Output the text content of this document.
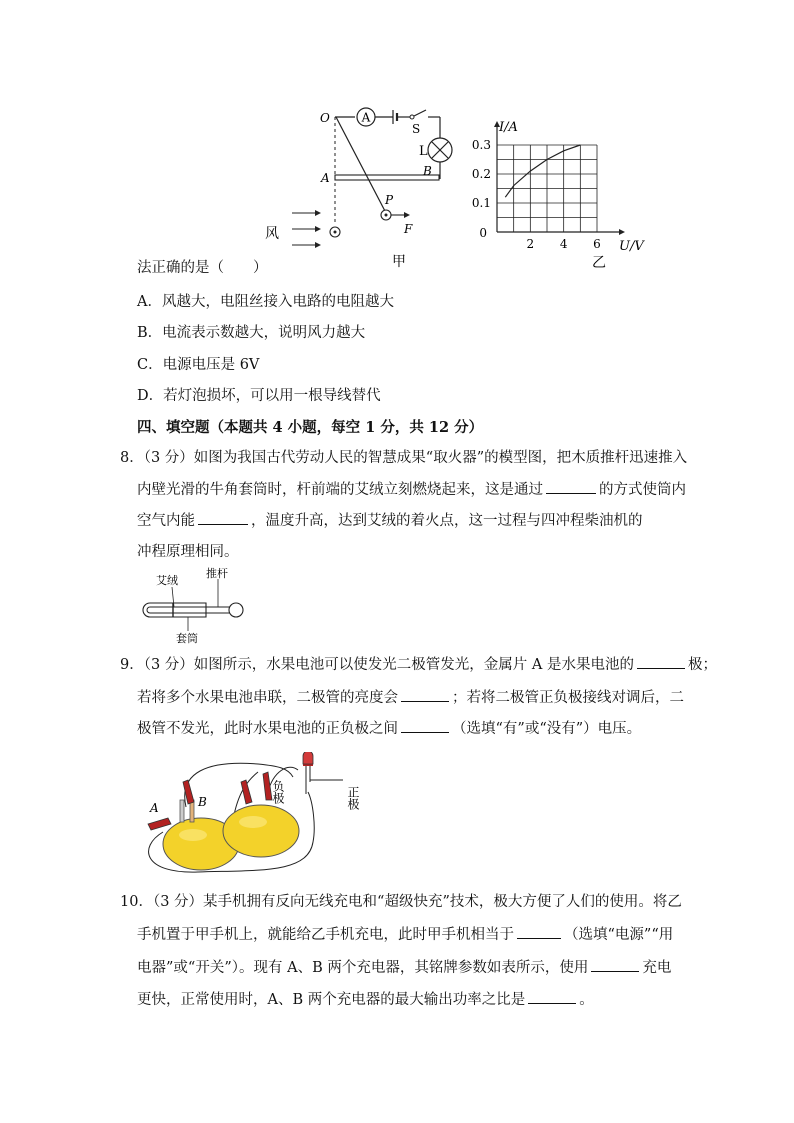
A
O
S
L
A	B
P
F
风
甲
2 4 6
0.1
0.2
0.3
0
I/A
U/V
乙
法正确的是（　　）
A．风越大，电阻丝接入电路的电阻越大
B．电流表示数越大，说明风力越大
C．电源电压是 6V
D．若灯泡损坏，可以用一根导线替代
四、填空题（本题共 4 小题，每空 1 分，共 12 分）
8．（3 分）如图为我国古代劳动人民的智慧成果“取火器”的模型图，把木质推杆迅速推入
内壁光滑的牛角套筒时，杆前端的艾绒立刻燃烧起来，这是通过	的方式使筒内
空气内能	，温度升高，达到艾绒的着火点，这一过程与四冲程柴油机的
冲程原理相同。
艾绒
推杆
套筒
9．（3 分）如图所示，水果电池可以使发光二极管发光，金属片 A 是水果电池的	极；
若将多个水果电池串联，二极管的亮度会	；若将二极管正负极接线对调后，二
极管不发光，此时水果电池的正负极之间	（选填“有”或“没有”）电压。
A	B	负极	正极
10．（3 分）某手机拥有反向无线充电和“超级快充”技术，极大方便了人们的使用。将乙
手机置于甲手机上，就能给乙手机充电，此时甲手机相当于	（选填“电源”“用
电器”或“开关”）。现有 A、B 两个充电器，其铭牌参数如表所示，使用	充电
更快，正常使用时，A、B 两个充电器的最大输出功率之比是	。
